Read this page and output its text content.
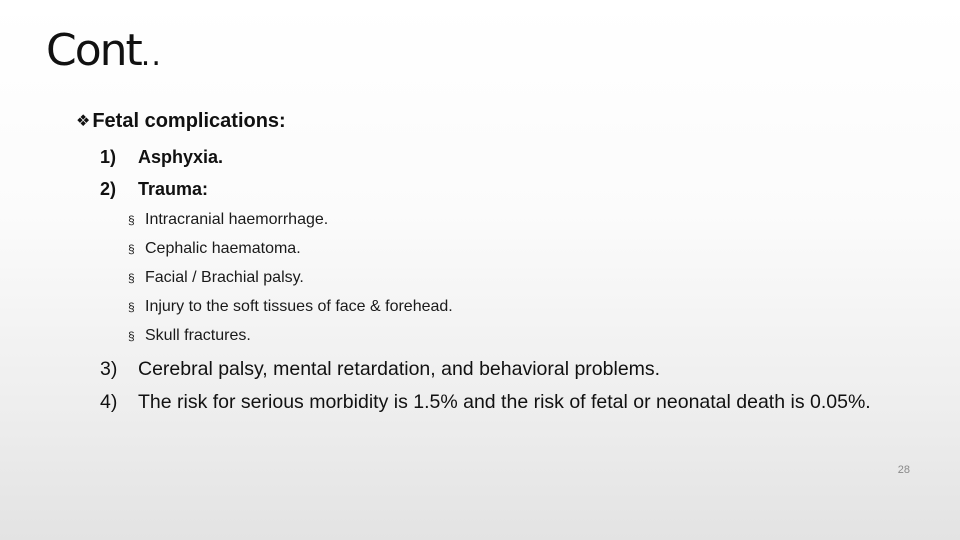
Cont..
❖ Fetal complications:
1) Asphyxia.
2) Trauma:
§ Intracranial haemorrhage.
§ Cephalic haematoma.
§ Facial / Brachial palsy.
§ Injury to the soft tissues of face & forehead.
§ Skull fractures.
3) Cerebral palsy, mental retardation, and behavioral problems.
4) The risk for serious morbidity is 1.5% and the risk of fetal or neonatal death is 0.05%.
28
